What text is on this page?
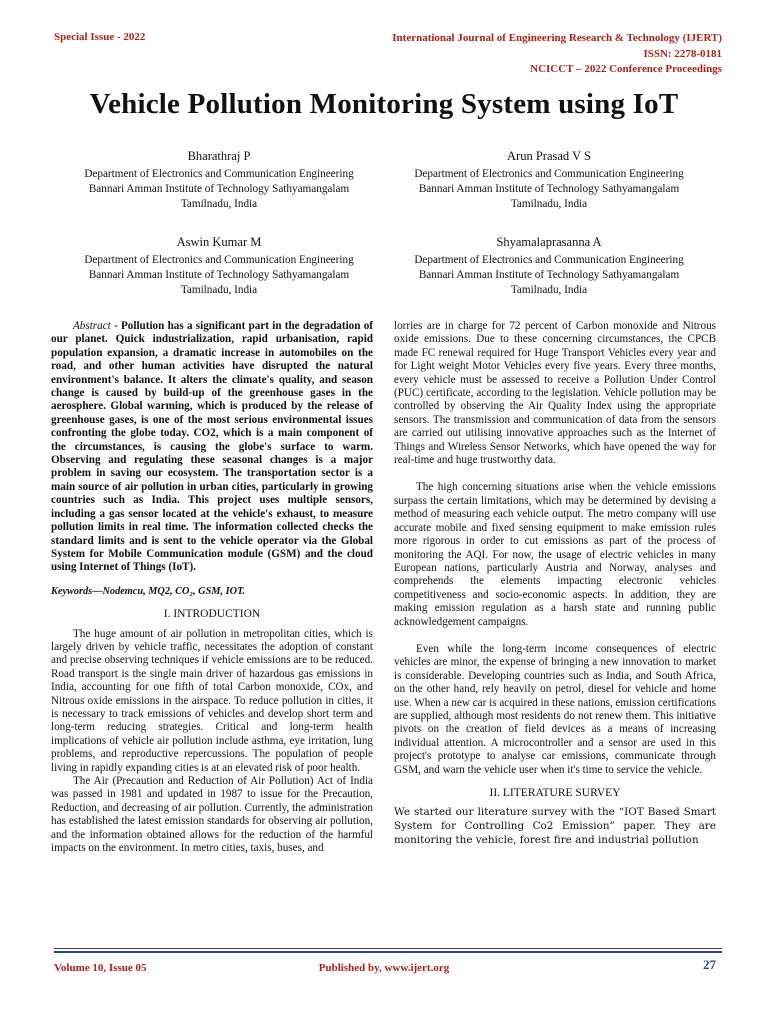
Special Issue - 2022	International Journal of Engineering Research & Technology (IJERT)
ISSN: 2278-0181
NCICCT – 2022 Conference Proceedings
Vehicle Pollution Monitoring System using IoT
Bharathraj P
Department of Electronics and Communication Engineering
Bannari Amman Institute of Technology Sathyamangalam
Tamilnadu, India
Arun Prasad V S
Department of Electronics and Communication Engineering
Bannari Amman Institute of Technology Sathyamangalam
Tamilnadu, India
Aswin Kumar M
Department of Electronics and Communication Engineering
Bannari Amman Institute of Technology Sathyamangalam
Tamilnadu, India
Shyamalaprasanna A
Department of Electronics and Communication Engineering
Bannari Amman Institute of Technology Sathyamangalam
Tamilnadu, India

Abstract - Pollution has a significant part in the degradation of our planet. Quick industrialization, rapid urbanisation, rapid population expansion, a dramatic increase in automobiles on the road, and other human activities have disrupted the natural environment's balance. It alters the climate's quality, and season change is caused by build-up of the greenhouse gases in the aerosphere. Global warming, which is produced by the release of greenhouse gases, is one of the most serious environmental issues confronting the globe today. CO2, which is a main component of the circumstances, is causing the globe's surface to warm. Observing and regulating these seasonal changes is a major problem in saving our ecosystem. The transportation sector is a main source of air pollution in urban cities, particularly in growing countries such as India. This project uses multiple sensors, including a gas sensor located at the vehicle's exhaust, to measure pollution limits in real time. The information collected checks the standard limits and is sent to the vehicle operator via the Global System for Mobile Communication module (GSM) and the cloud using Internet of Things (IoT).

Keywords—Nodemcu, MQ2, CO₂, GSM, IOT.

I. INTRODUCTION

The huge amount of air pollution in metropolitan cities, which is largely driven by vehicle traffic, necessitates the adoption of constant and precise observing techniques if vehicle emissions are to be reduced. Road transport is the single main driver of hazardous gas emissions in India, accounting for one fifth of total Carbon monoxide, COx, and Nitrous oxide emissions in the airspace. To reduce pollution in cities, it is necessary to track emissions of vehicles and develop short term and long-term reducing strategies. Critical and long-term health implications of vehicle air pollution include asthma, eye irritation, lung problems, and reproductive repercussions. The population of people living in rapidly expanding cities is at an elevated risk of poor health.

The Air (Precaution and Reduction of Air Pollution) Act of India was passed in 1981 and updated in 1987 to issue for the Precaution, Reduction, and decreasing of air pollution. Currently, the administration has established the latest emission standards for observing air pollution, and the information obtained allows for the reduction of the harmful impacts on the environment. In metro cities, taxis, buses, and

lorries are in charge for 72 percent of Carbon monoxide and Nitrous oxide emissions. Due to these concerning circumstances, the CPCB made FC renewal required for Huge Transport Vehicles every year and for Light weight Motor Vehicles every five years. Every three months, every vehicle must be assessed to receive a Pollution Under Control (PUC) certificate, according to the legislation. Vehicle pollution may be controlled by observing the Air Quality Index using the appropriate sensors. The transmission and communication of data from the sensors are carried out utilising innovative approaches such as the Internet of Things and Wireless Sensor Networks, which have opened the way for real-time and huge trustworthy data.

The high concerning situations arise when the vehicle emissions surpass the certain limitations, which may be determined by devising a method of measuring each vehicle output. The metro company will use accurate mobile and fixed sensing equipment to make emission rules more rigorous in order to cut emissions as part of the process of monitoring the AQI. For now, the usage of electric vehicles in many European nations, particularly Austria and Norway, analyses and comprehends the elements impacting electronic vehicles competitiveness and socio-economic aspects. In addition, they are making emission regulation as a harsh state and running public acknowledgement campaigns.

Even while the long-term income consequences of electric vehicles are minor, the expense of bringing a new innovation to market is considerable. Developing countries such as India, and South Africa, on the other hand, rely heavily on petrol, diesel for vehicle and home use. When a new car is acquired in these nations, emission certifications are supplied, although most residents do not renew them. This initiative pivots on the creation of field devices as a means of increasing individual attention. A microcontroller and a sensor are used in this project's prototype to analyse car emissions, communicate through GSM, and warn the vehicle user when it's time to service the vehicle.

II. LITERATURE SURVEY

We started our literature survey with the “IOT Based Smart System for Controlling Co2 Emission” paper. They are monitoring the vehicle, forest fire and industrial pollution

Volume 10, Issue 05	Published by, www.ijert.org	27
